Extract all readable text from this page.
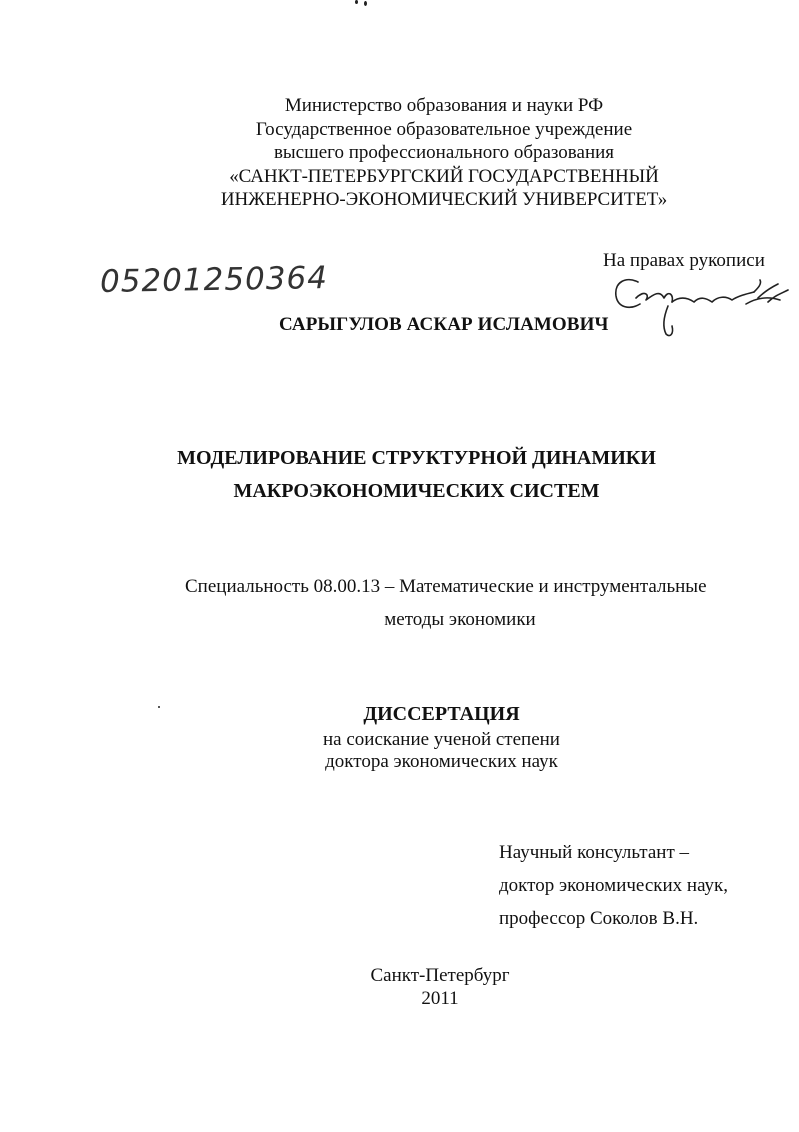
Министерство образования и науки РФ
Государственное образовательное учреждение
высшего профессионального образования
«САНКТ-ПЕТЕРБУРГСКИЙ ГОСУДАРСТВЕННЫЙ
ИНЖЕНЕРНО-ЭКОНОМИЧЕСКИЙ УНИВЕРСИТЕТ»
05201250364	На правах рукописи
САРЫГУЛОВ АСКАР ИСЛАМОВИЧ
МОДЕЛИРОВАНИЕ СТРУКТУРНОЙ ДИНАМИКИ
МАКРОЭКОНОМИЧЕСКИХ СИСТЕМ
Специальность 08.00.13 – Математические и инструментальные
методы экономики
ДИССЕРТАЦИЯ
на соискание ученой степени
доктора экономических наук
Научный консультант –
доктор экономических наук,
профессор Соколов В.Н.
Санкт-Петербург
2011
